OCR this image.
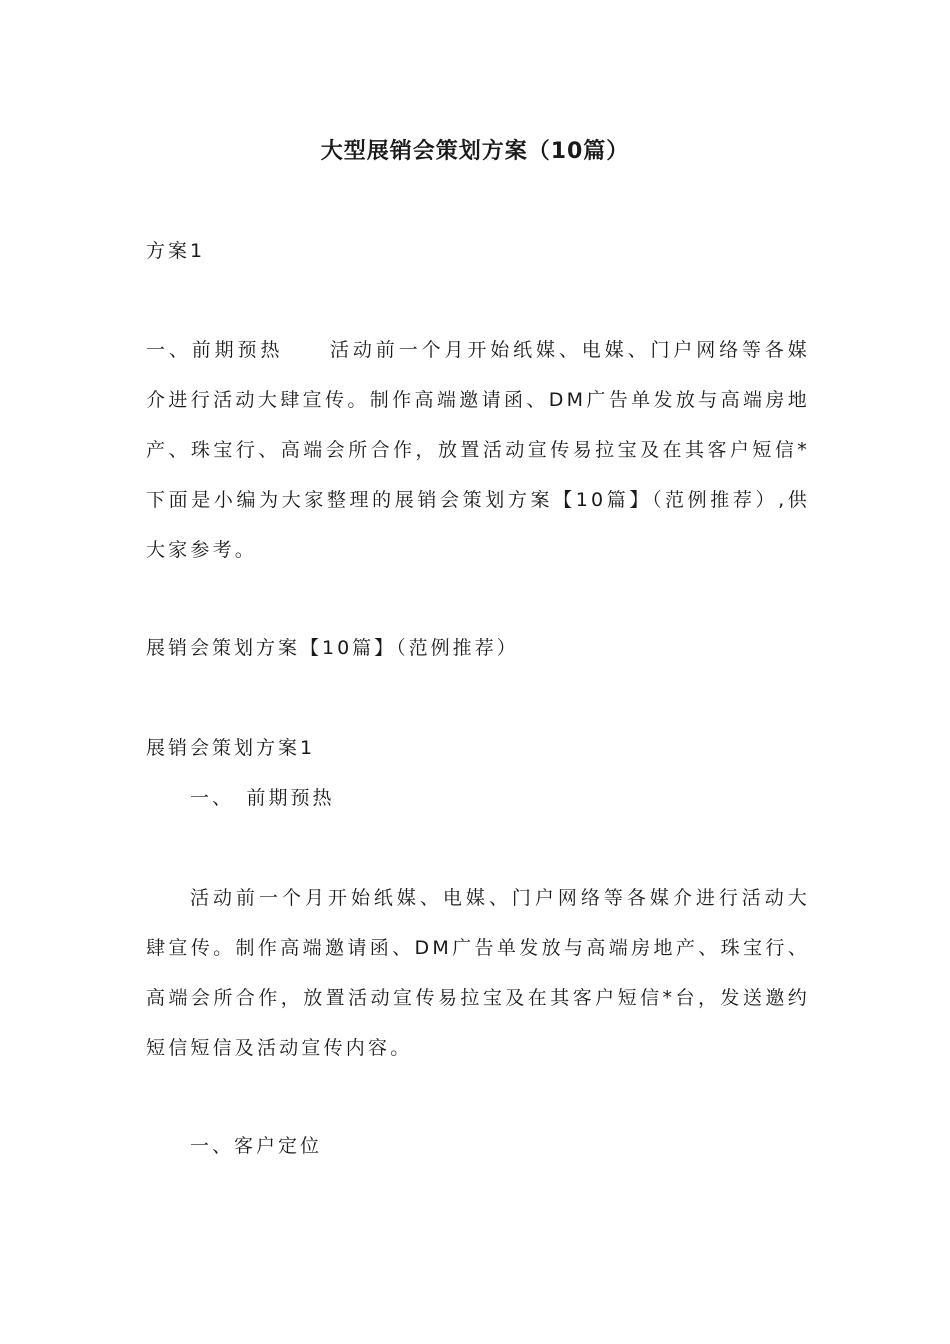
大型展销会策划方案（10篇）
方案1
一、前期预热 活动前一个月开始纸媒、电媒、门户网络等各媒介进行活动大肆宣传。制作高端邀请函、DM广告单发放与高端房地产、珠宝行、高端会所合作，放置活动宣传易拉宝及在其客户短信*下面是小编为大家整理的展销会策划方案【10篇】（范例推荐）,供大家参考。
展销会策划方案【10篇】（范例推荐）
展销会策划方案1
一、　前期预热
活动前一个月开始纸媒、电媒、门户网络等各媒介进行活动大肆宣传。制作高端邀请函、DM广告单发放与高端房地产、珠宝行、高端会所合作，放置活动宣传易拉宝及在其客户短信*台，发送邀约短信短信及活动宣传内容。
一、客户定位
